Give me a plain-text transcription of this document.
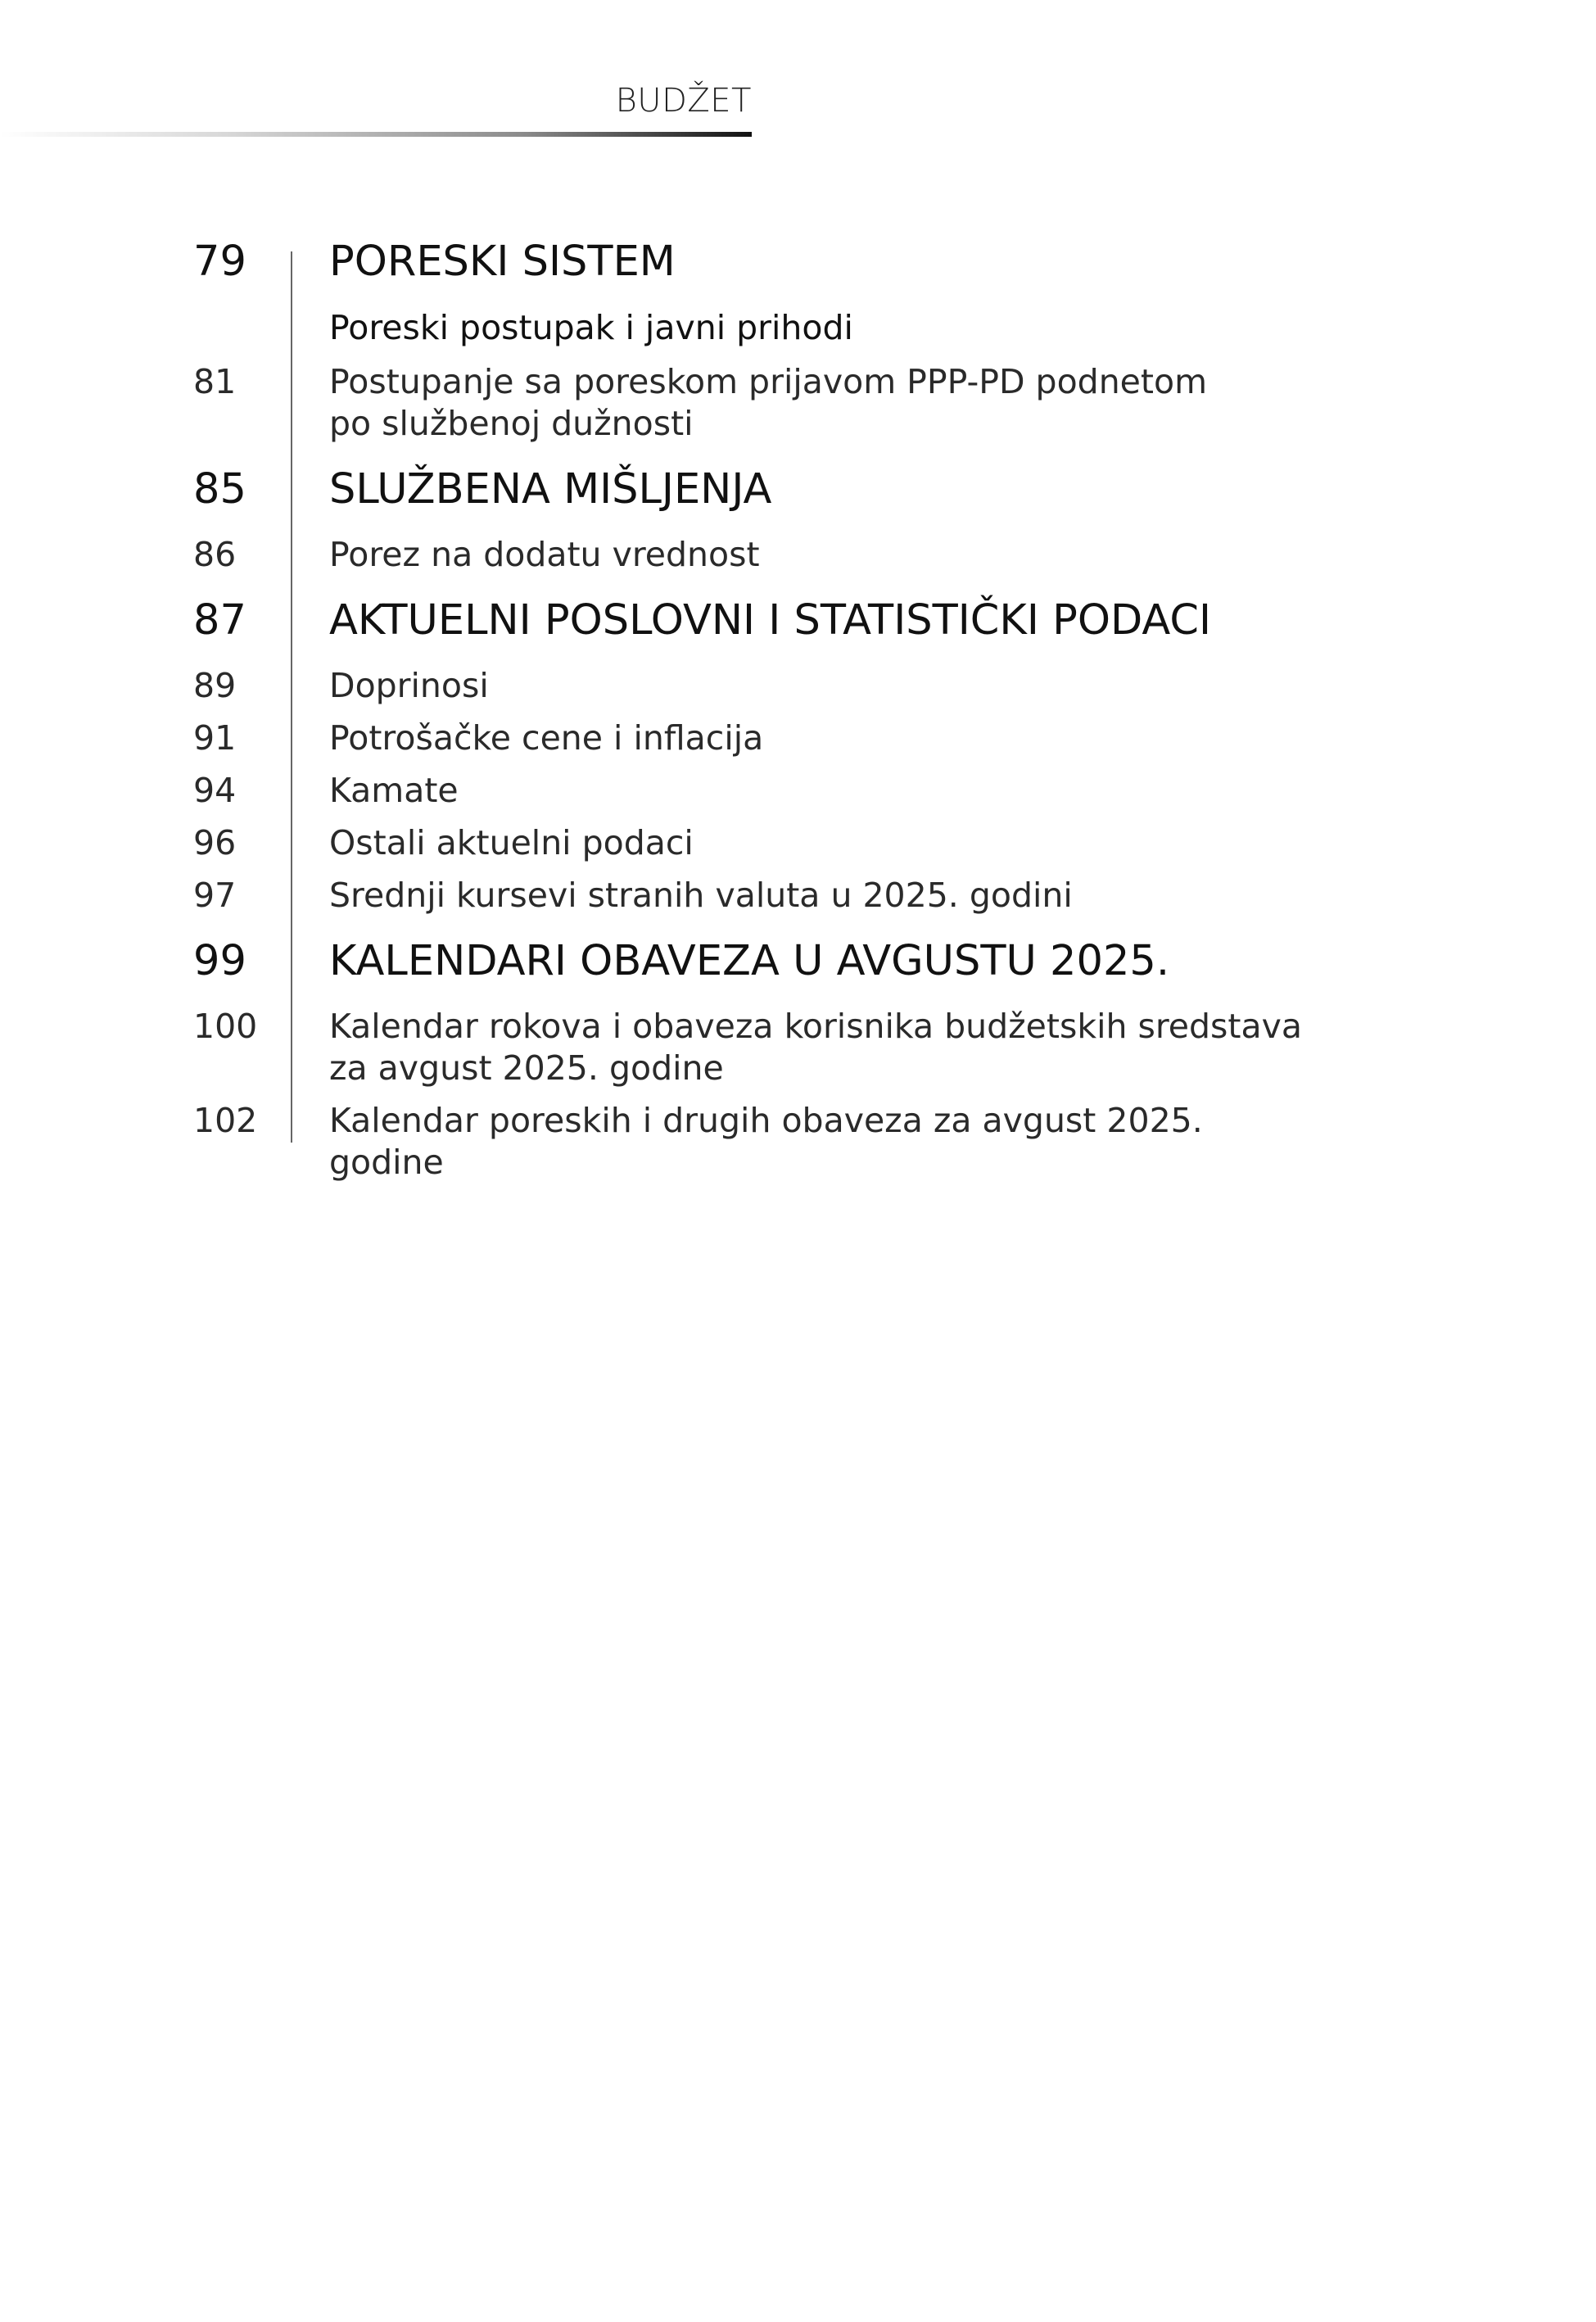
BUDŽET
79	PORESKI SISTEM
Poreski postupak i javni prihodi
81	Postupanje sa poreskom prijavom PPP-PD podnetom
po službenoj dužnosti
85	SLUŽBENA MIŠLJENJA
86	Porez na dodatu vrednost
87	AKTUELNI POSLOVNI I STATISTIČKI PODACI
89	Doprinosi
91	Potrošačke cene i inflacija
94	Kamate
96	Ostali aktuelni podaci
97	Srednji kursevi stranih valuta u 2025. godini
99	KALENDARI OBAVEZA U AVGUSTU 2025.
100	Kalendar rokova i obaveza korisnika budžetskih sredstava
za avgust 2025. godine
102	Kalendar poreskih i drugih obaveza za avgust 2025. godine
